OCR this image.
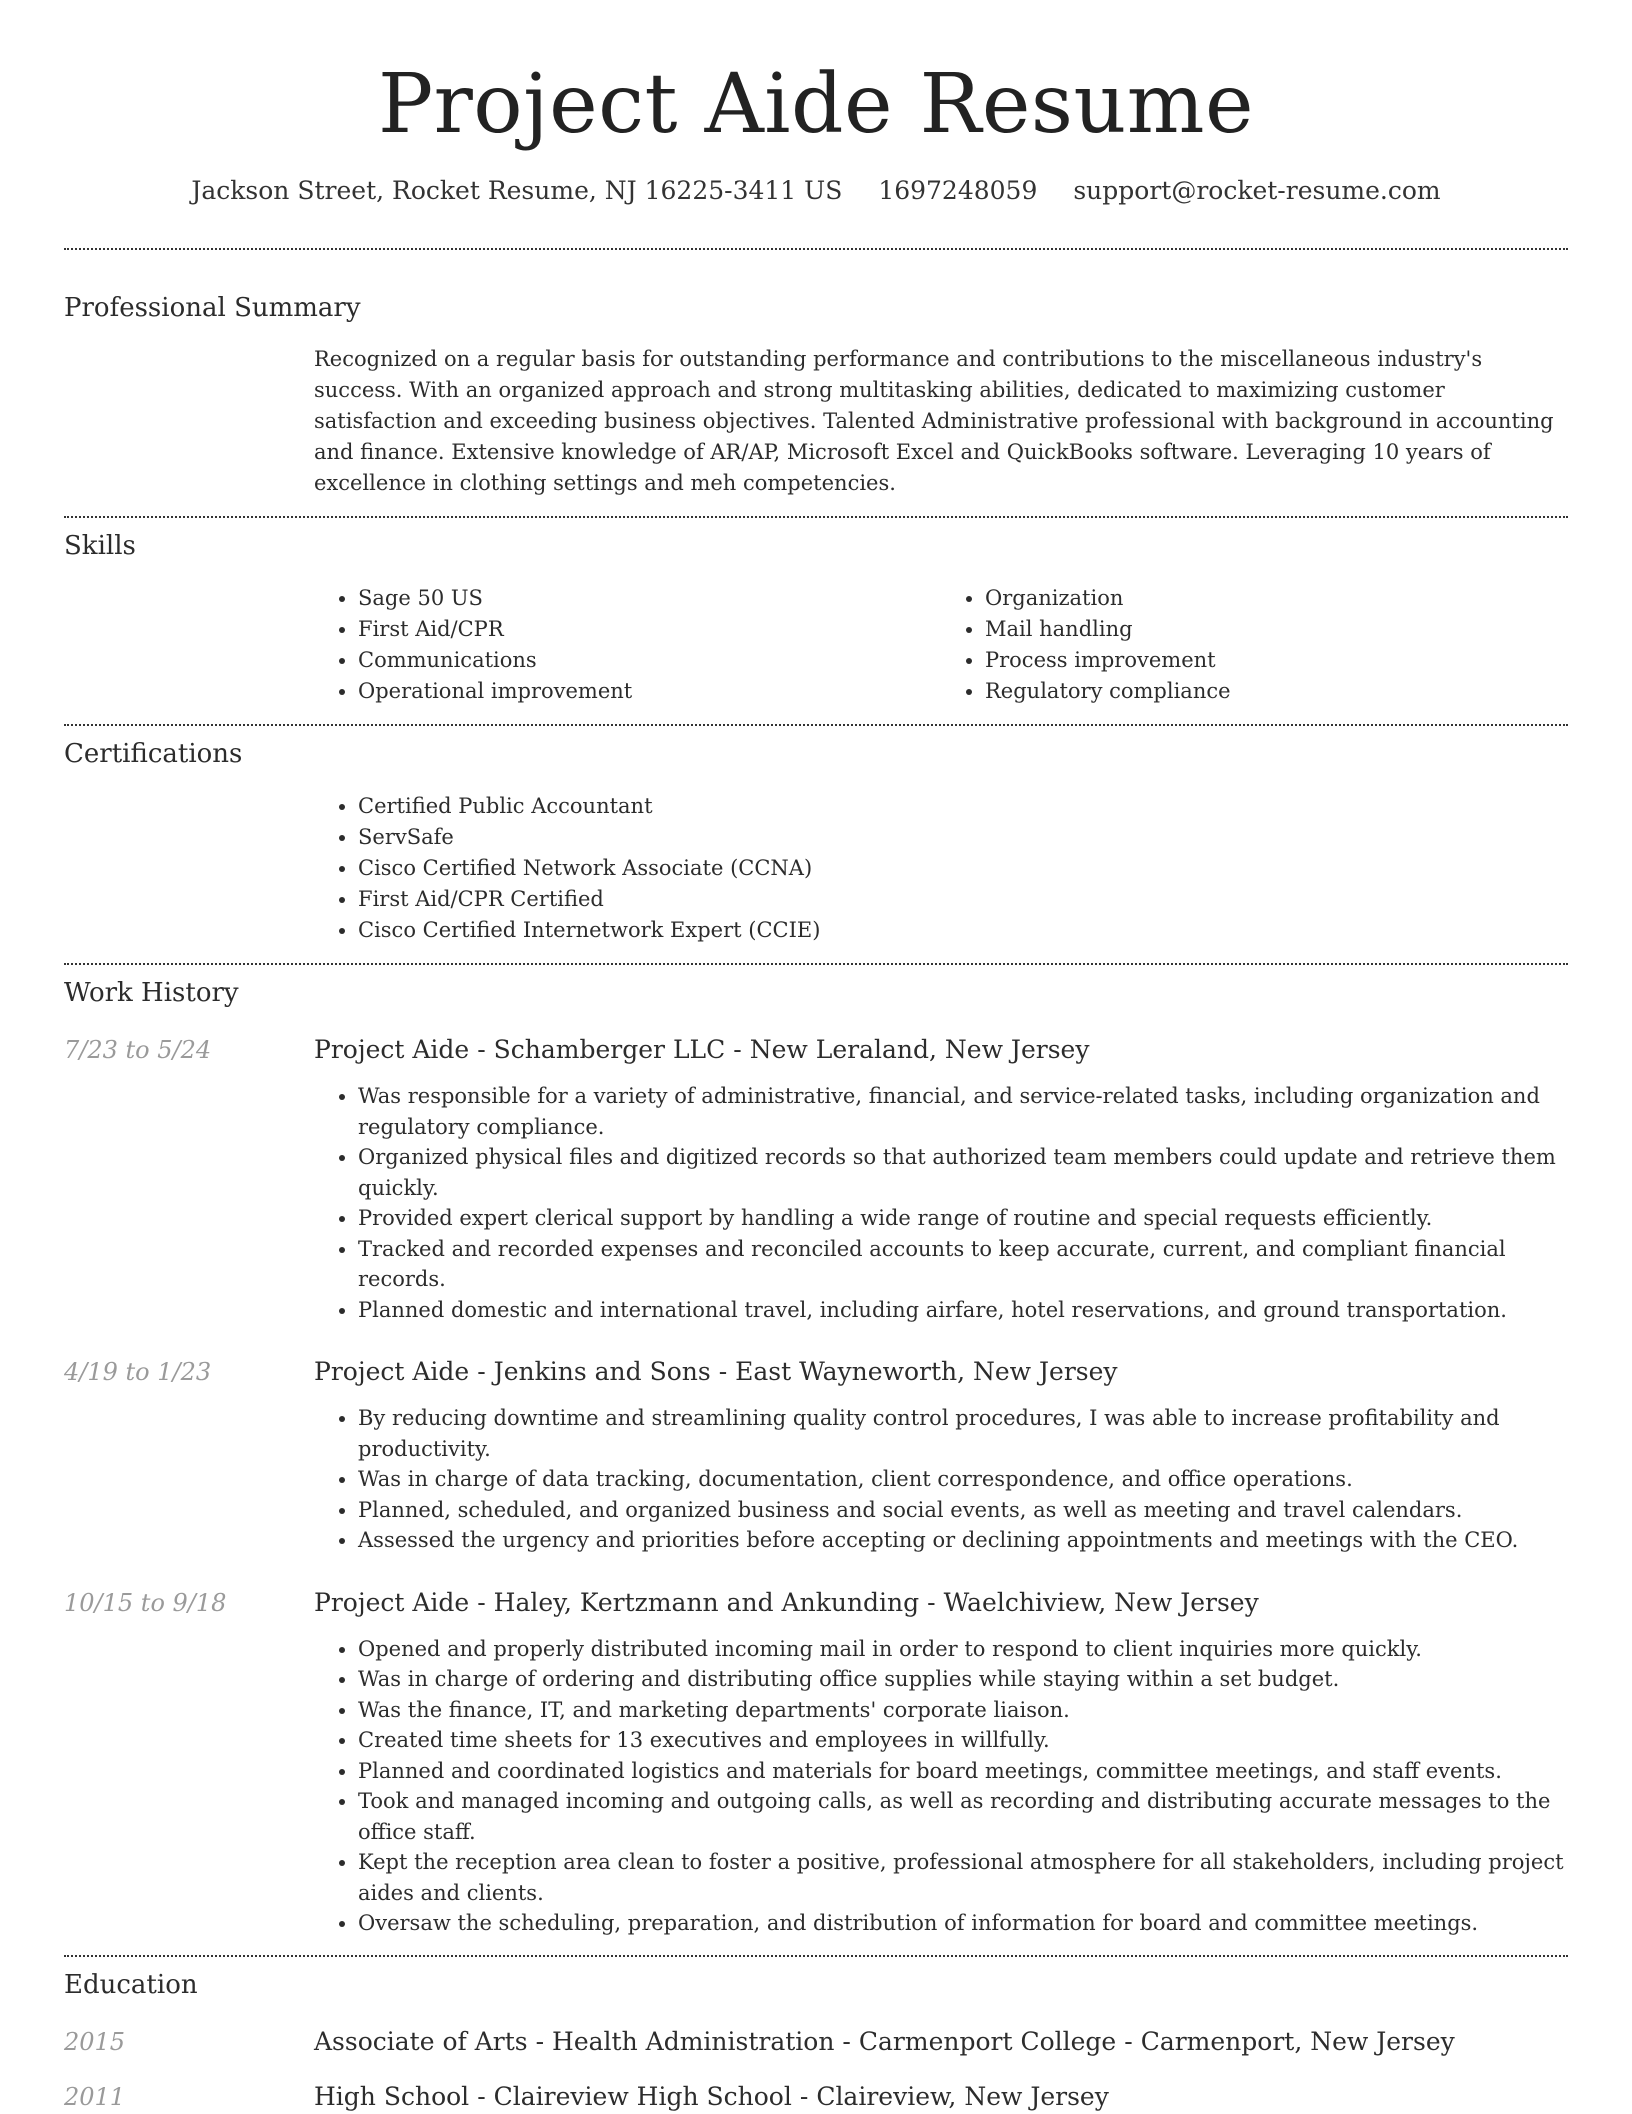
Project Aide Resume
Jackson Street, Rocket Resume, NJ 16225-3411 US 1697248059 support@rocket-resume.com
Professional Summary

Recognized on a regular basis for outstanding performance and contributions to the miscellaneous industry's success. With an organized approach and strong multitasking abilities, dedicated to maximizing customer satisfaction and exceeding business objectives. Talented Administrative professional with background in accounting and finance. Extensive knowledge of AR/AP, Microsoft Excel and QuickBooks software. Leveraging 10 years of excellence in clothing settings and meh competencies.

Skills
• Sage 50 US
• First Aid/CPR
• Communications
• Operational improvement
• Organization
• Mail handling
• Process improvement
• Regulatory compliance
Certifications
• Certified Public Accountant
• ServSafe
• Cisco Certified Network Associate (CCNA)
• First Aid/CPR Certified
• Cisco Certified Internetwork Expert (CCIE)
Work History
7/23 to 5/24	Project Aide - Schamberger LLC - New Leraland, New Jersey
• Was responsible for a variety of administrative, financial, and service-related tasks, including organization and regulatory compliance.
• Organized physical files and digitized records so that authorized team members could update and retrieve them quickly.
• Provided expert clerical support by handling a wide range of routine and special requests efficiently.
• Tracked and recorded expenses and reconciled accounts to keep accurate, current, and compliant financial records.
• Planned domestic and international travel, including airfare, hotel reservations, and ground transportation.
4/19 to 1/23	Project Aide - Jenkins and Sons - East Wayneworth, New Jersey
• By reducing downtime and streamlining quality control procedures, I was able to increase profitability and productivity.
• Was in charge of data tracking, documentation, client correspondence, and office operations.
• Planned, scheduled, and organized business and social events, as well as meeting and travel calendars.
• Assessed the urgency and priorities before accepting or declining appointments and meetings with the CEO.
10/15 to 9/18	Project Aide - Haley, Kertzmann and Ankunding - Waelchiview, New Jersey
• Opened and properly distributed incoming mail in order to respond to client inquiries more quickly.
• Was in charge of ordering and distributing office supplies while staying within a set budget.
• Was the finance, IT, and marketing departments' corporate liaison.
• Created time sheets for 13 executives and employees in willfully.
• Planned and coordinated logistics and materials for board meetings, committee meetings, and staff events.
• Took and managed incoming and outgoing calls, as well as recording and distributing accurate messages to the office staff.
• Kept the reception area clean to foster a positive, professional atmosphere for all stakeholders, including project aides and clients.
• Oversaw the scheduling, preparation, and distribution of information for board and committee meetings.
Education
2015	Associate of Arts - Health Administration - Carmenport College - Carmenport, New Jersey
2011	High School - Claireview High School - Claireview, New Jersey
